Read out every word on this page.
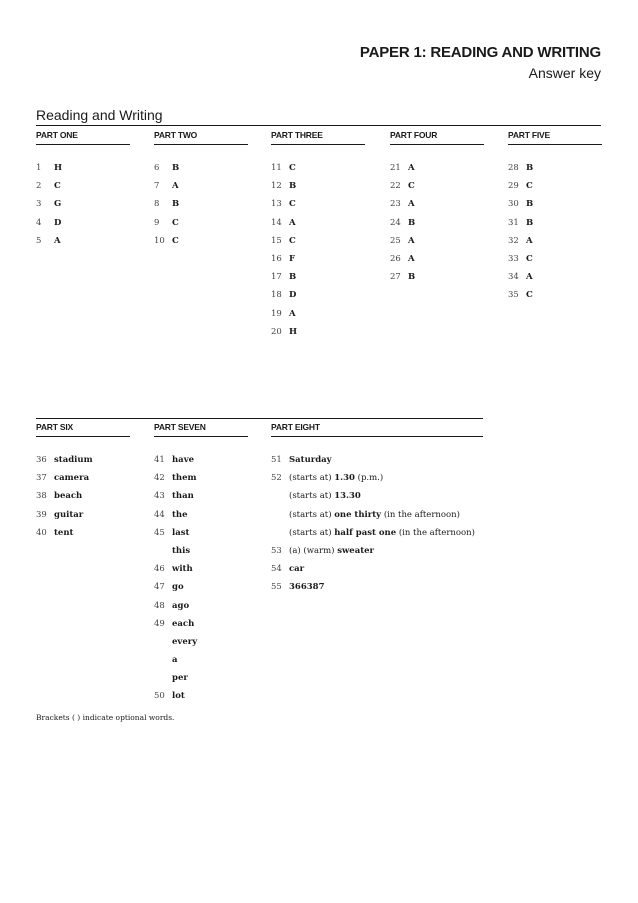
PAPER 1: READING AND WRITING
Answer key
Reading and Writing
PART ONE
1 H
2 C
3 G
4 D
5 A
PART TWO
6 B
7 A
8 B
9 C
10 C
PART THREE
11 C
12 B
13 C
14 A
15 C
16 F
17 B
18 D
19 A
20 H
PART FOUR
21 A
22 C
23 A
24 B
25 A
26 A
27 B
PART FIVE
28 B
29 C
30 B
31 B
32 A
33 C
34 A
35 C
PART SIX
36 stadium
37 camera
38 beach
39 guitar
40 tent
PART SEVEN
41 have
42 them
43 than
44 the
45 last
this
46 with
47 go
48 ago
49 each
every
a
per
50 lot
PART EIGHT
51 Saturday
52 (starts at) 1.30 (p.m.)
(starts at) 13.30
(starts at) one thirty (in the afternoon)
(starts at) half past one (in the afternoon)
53 (a) (warm) sweater
54 car
55 366387
Brackets ( ) indicate optional words.
